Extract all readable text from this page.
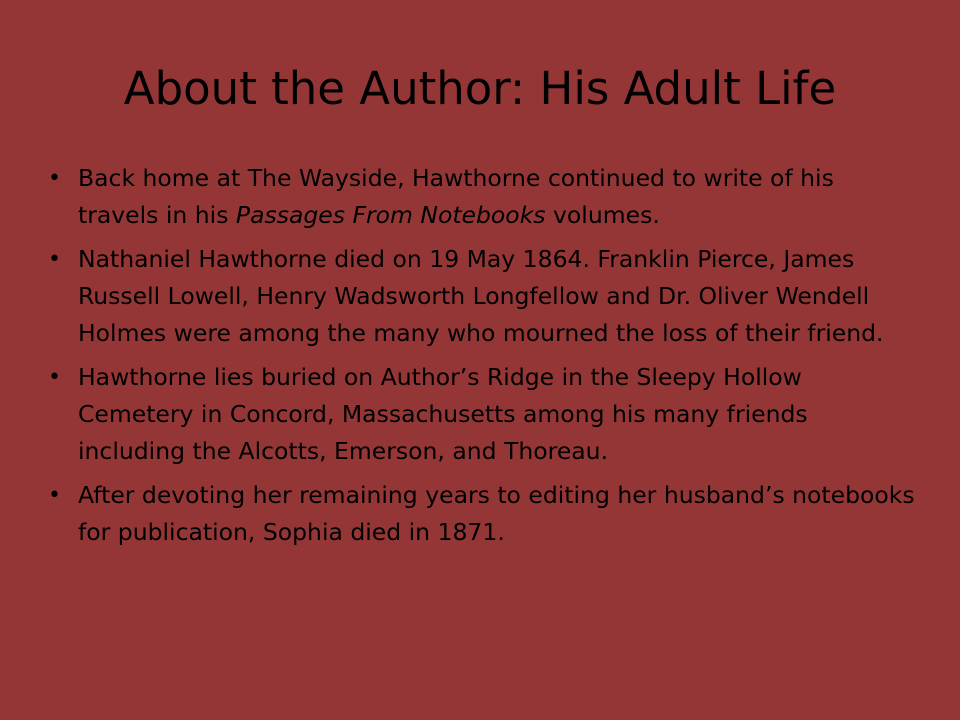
About the Author: His Adult Life
• Back home at The Wayside, Hawthorne continued to write of his travels in his Passages From Notebooks volumes.
• Nathaniel Hawthorne died on 19 May 1864. Franklin Pierce, James Russell Lowell, Henry Wadsworth Longfellow and Dr. Oliver Wendell Holmes were among the many who mourned the loss of their friend.
• Hawthorne lies buried on Author’s Ridge in the Sleepy Hollow Cemetery in Concord, Massachusetts among his many friends including the Alcotts, Emerson, and Thoreau.
• After devoting her remaining years to editing her husband’s notebooks for publication, Sophia died in 1871.
